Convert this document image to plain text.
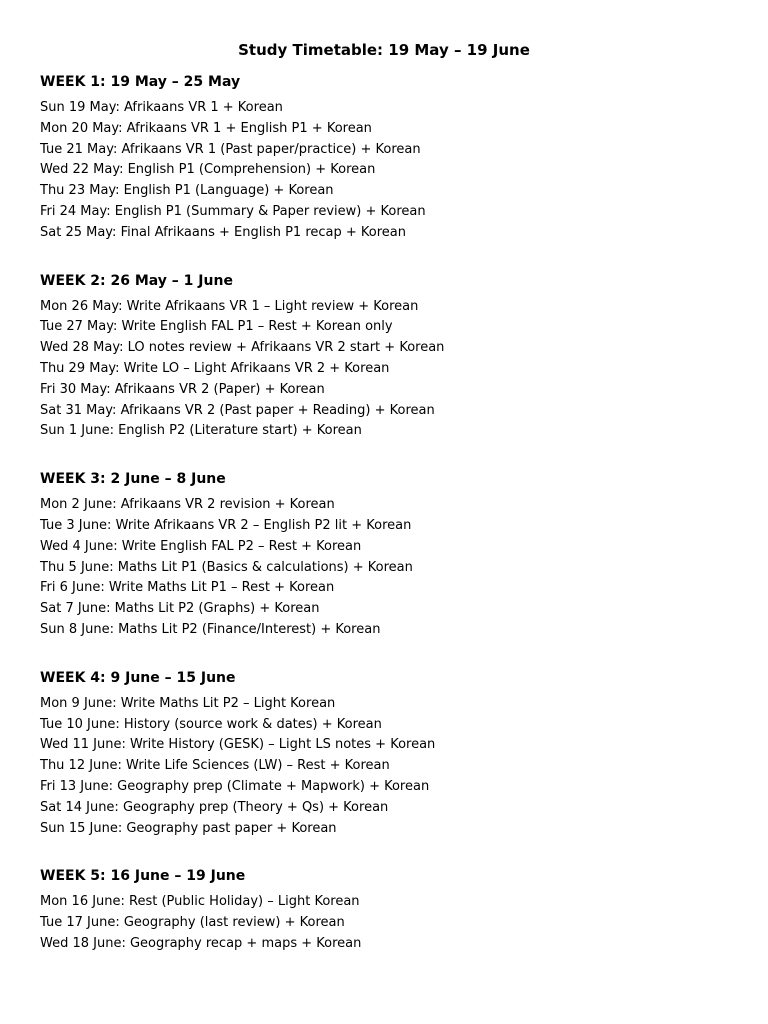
Study Timetable: 19 May – 19 June
WEEK 1: 19 May – 25 May
Sun 19 May: Afrikaans VR 1 + Korean
Mon 20 May: Afrikaans VR 1 + English P1 + Korean
Tue 21 May: Afrikaans VR 1 (Past paper/practice) + Korean
Wed 22 May: English P1 (Comprehension) + Korean
Thu 23 May: English P1 (Language) + Korean
Fri 24 May: English P1 (Summary & Paper review) + Korean
Sat 25 May: Final Afrikaans + English P1 recap + Korean
WEEK 2: 26 May – 1 June
Mon 26 May: Write Afrikaans VR 1 – Light review + Korean
Tue 27 May: Write English FAL P1 – Rest + Korean only
Wed 28 May: LO notes review + Afrikaans VR 2 start + Korean
Thu 29 May: Write LO – Light Afrikaans VR 2 + Korean
Fri 30 May: Afrikaans VR 2 (Paper) + Korean
Sat 31 May: Afrikaans VR 2 (Past paper + Reading) + Korean
Sun 1 June: English P2 (Literature start) + Korean
WEEK 3: 2 June – 8 June
Mon 2 June: Afrikaans VR 2 revision + Korean
Tue 3 June: Write Afrikaans VR 2 – English P2 lit + Korean
Wed 4 June: Write English FAL P2 – Rest + Korean
Thu 5 June: Maths Lit P1 (Basics & calculations) + Korean
Fri 6 June: Write Maths Lit P1 – Rest + Korean
Sat 7 June: Maths Lit P2 (Graphs) + Korean
Sun 8 June: Maths Lit P2 (Finance/Interest) + Korean
WEEK 4: 9 June – 15 June
Mon 9 June: Write Maths Lit P2 – Light Korean
Tue 10 June: History (source work & dates) + Korean
Wed 11 June: Write History (GESK) – Light LS notes + Korean
Thu 12 June: Write Life Sciences (LW) – Rest + Korean
Fri 13 June: Geography prep (Climate + Mapwork) + Korean
Sat 14 June: Geography prep (Theory + Qs) + Korean
Sun 15 June: Geography past paper + Korean
WEEK 5: 16 June – 19 June
Mon 16 June: Rest (Public Holiday) – Light Korean
Tue 17 June: Geography (last review) + Korean
Wed 18 June: Geography recap + maps + Korean
